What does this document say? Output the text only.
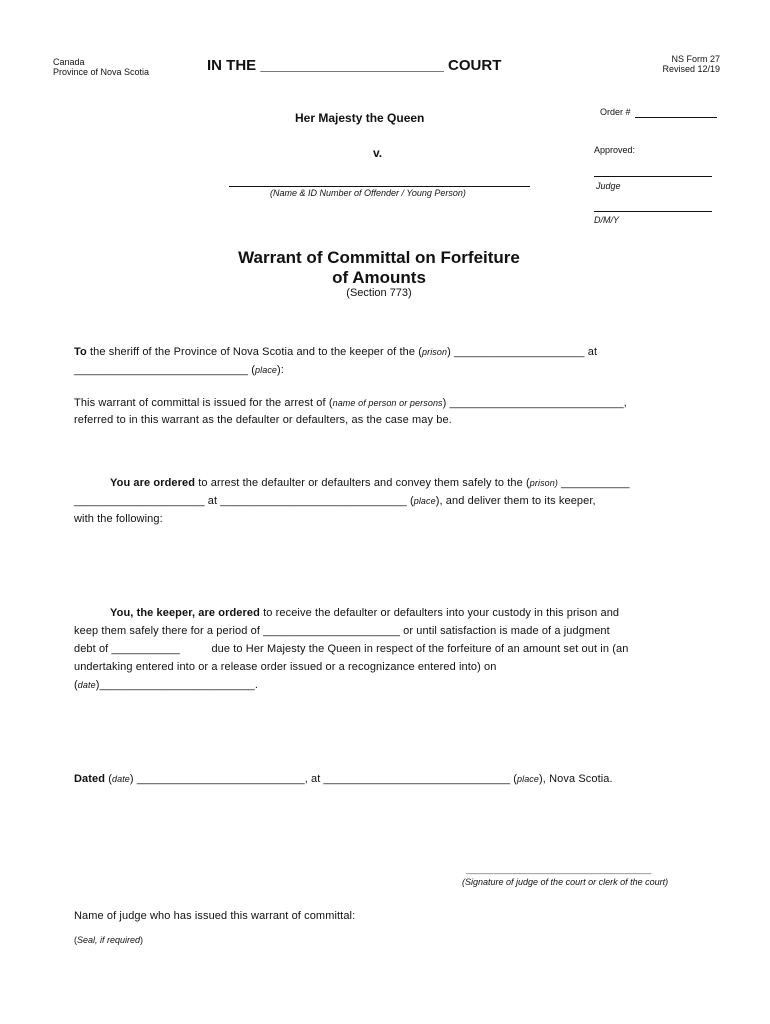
Canada
Province of Nova Scotia	IN THE ______________________ COURT	NS Form 27
Revised 12/19
Her Majesty the Queen
v.
(Name & ID Number of Offender / Young Person)
Order #
Approved:
Judge
D/M/Y
Warrant of Committal on Forfeiture
of Amounts
(Section 773)
To the sheriff of the Province of Nova Scotia and to the keeper of the (prison) _____________________ at
____________________________ (place):
This warrant of committal is issued for the arrest of (name of person or persons) ____________________________,
referred to in this warrant as the defaulter or defaulters, as the case may be.
You are ordered to arrest the defaulter or defaulters and convey them safely to the (prison) ___________
_____________________ at ______________________________ (place), and deliver them to its keeper,
with the following:
You, the keeper, are ordered to receive the defaulter or defaulters into your custody in this prison and
keep them safely there for a period of ______________________ or until satisfaction is made of a judgment
debt of ___________          due to Her Majesty the Queen in respect of the forfeiture of an amount set out in (an
undertaking entered into or a release order issued or a recognizance entered into) on
(date)_________________________.
Dated (date) ___________________________, at ______________________________ (place), Nova Scotia.
_____________________________________
(Signature of judge of the court or clerk of the court)
Name of judge who has issued this warrant of committal:
(Seal, if required)
